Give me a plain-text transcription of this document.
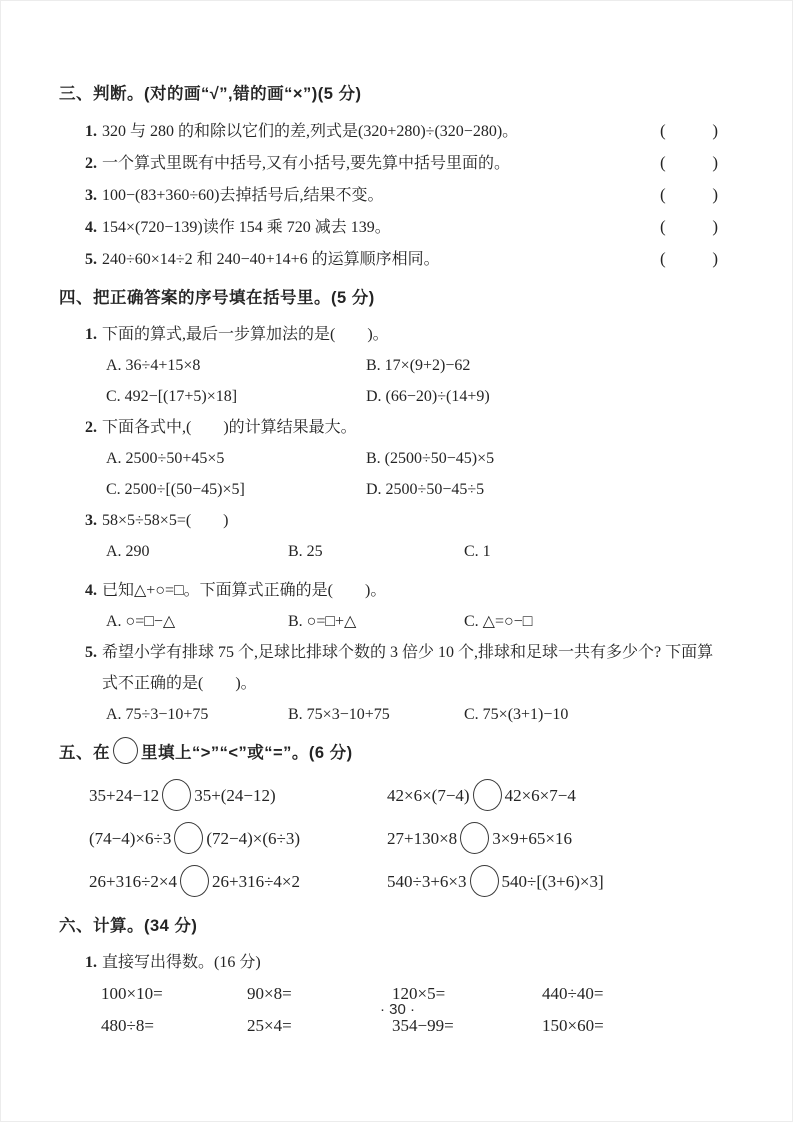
三、判断。(对的画“√”,错的画“×”)(5 分)
1. 320 与 280 的和除以它们的差,列式是(320+280)÷(320−280)。	(	)
2. 一个算式里既有中括号,又有小括号,要先算中括号里面的。	(	)
3. 100−(83+360÷60)去掉括号后,结果不变。	(	)
4. 154×(720−139)读作 154 乘 720 减去 139。	(	)
5. 240÷60×14÷2 和 240−40+14+6 的运算顺序相同。	(	)
四、把正确答案的序号填在括号里。(5 分)
1. 下面的算式,最后一步算加法的是(　　)。
A. 36÷4+15×8	B. 17×(9+2)−62
C. 492−[(17+5)×18]	D. (66−20)÷(14+9)
2. 下面各式中,(　　)的计算结果最大。
A. 2500÷50+45×5	B. (2500÷50−45)×5
C. 2500÷[(50−45)×5]	D. 2500÷50−45÷5
3. 58×5÷58×5=(　　)
A. 290	B. 25	C. 1
4. 已知△+○=□。下面算式正确的是(　　)。
A. ○=□−△	B. ○=□+△	C. △=○−□
5. 希望小学有排球 75 个,足球比排球个数的 3 倍少 10 个,排球和足球一共有多少个? 下面算式不正确的是(　　)。
A. 75÷3−10+75	B. 75×3−10+75	C. 75×(3+1)−10
五、在 里填上“>”“<”或“=”。(6 分)
35+24−12 35+(24−12)	42×6×(7−4) 42×6×7−4
(74−4)×6÷3 (72−4)×(6÷3)	27+130×8 3×9+65×16
26+316÷2×4 26+316÷4×2	540÷3+6×3 540÷[(3+6)×3]
六、计算。(34 分)
1. 直接写出得数。(16 分)
100×10=	90×8=	120×5=	440÷40=
480÷8=	25×4=	354−99=	150×60=
· 30 ·
